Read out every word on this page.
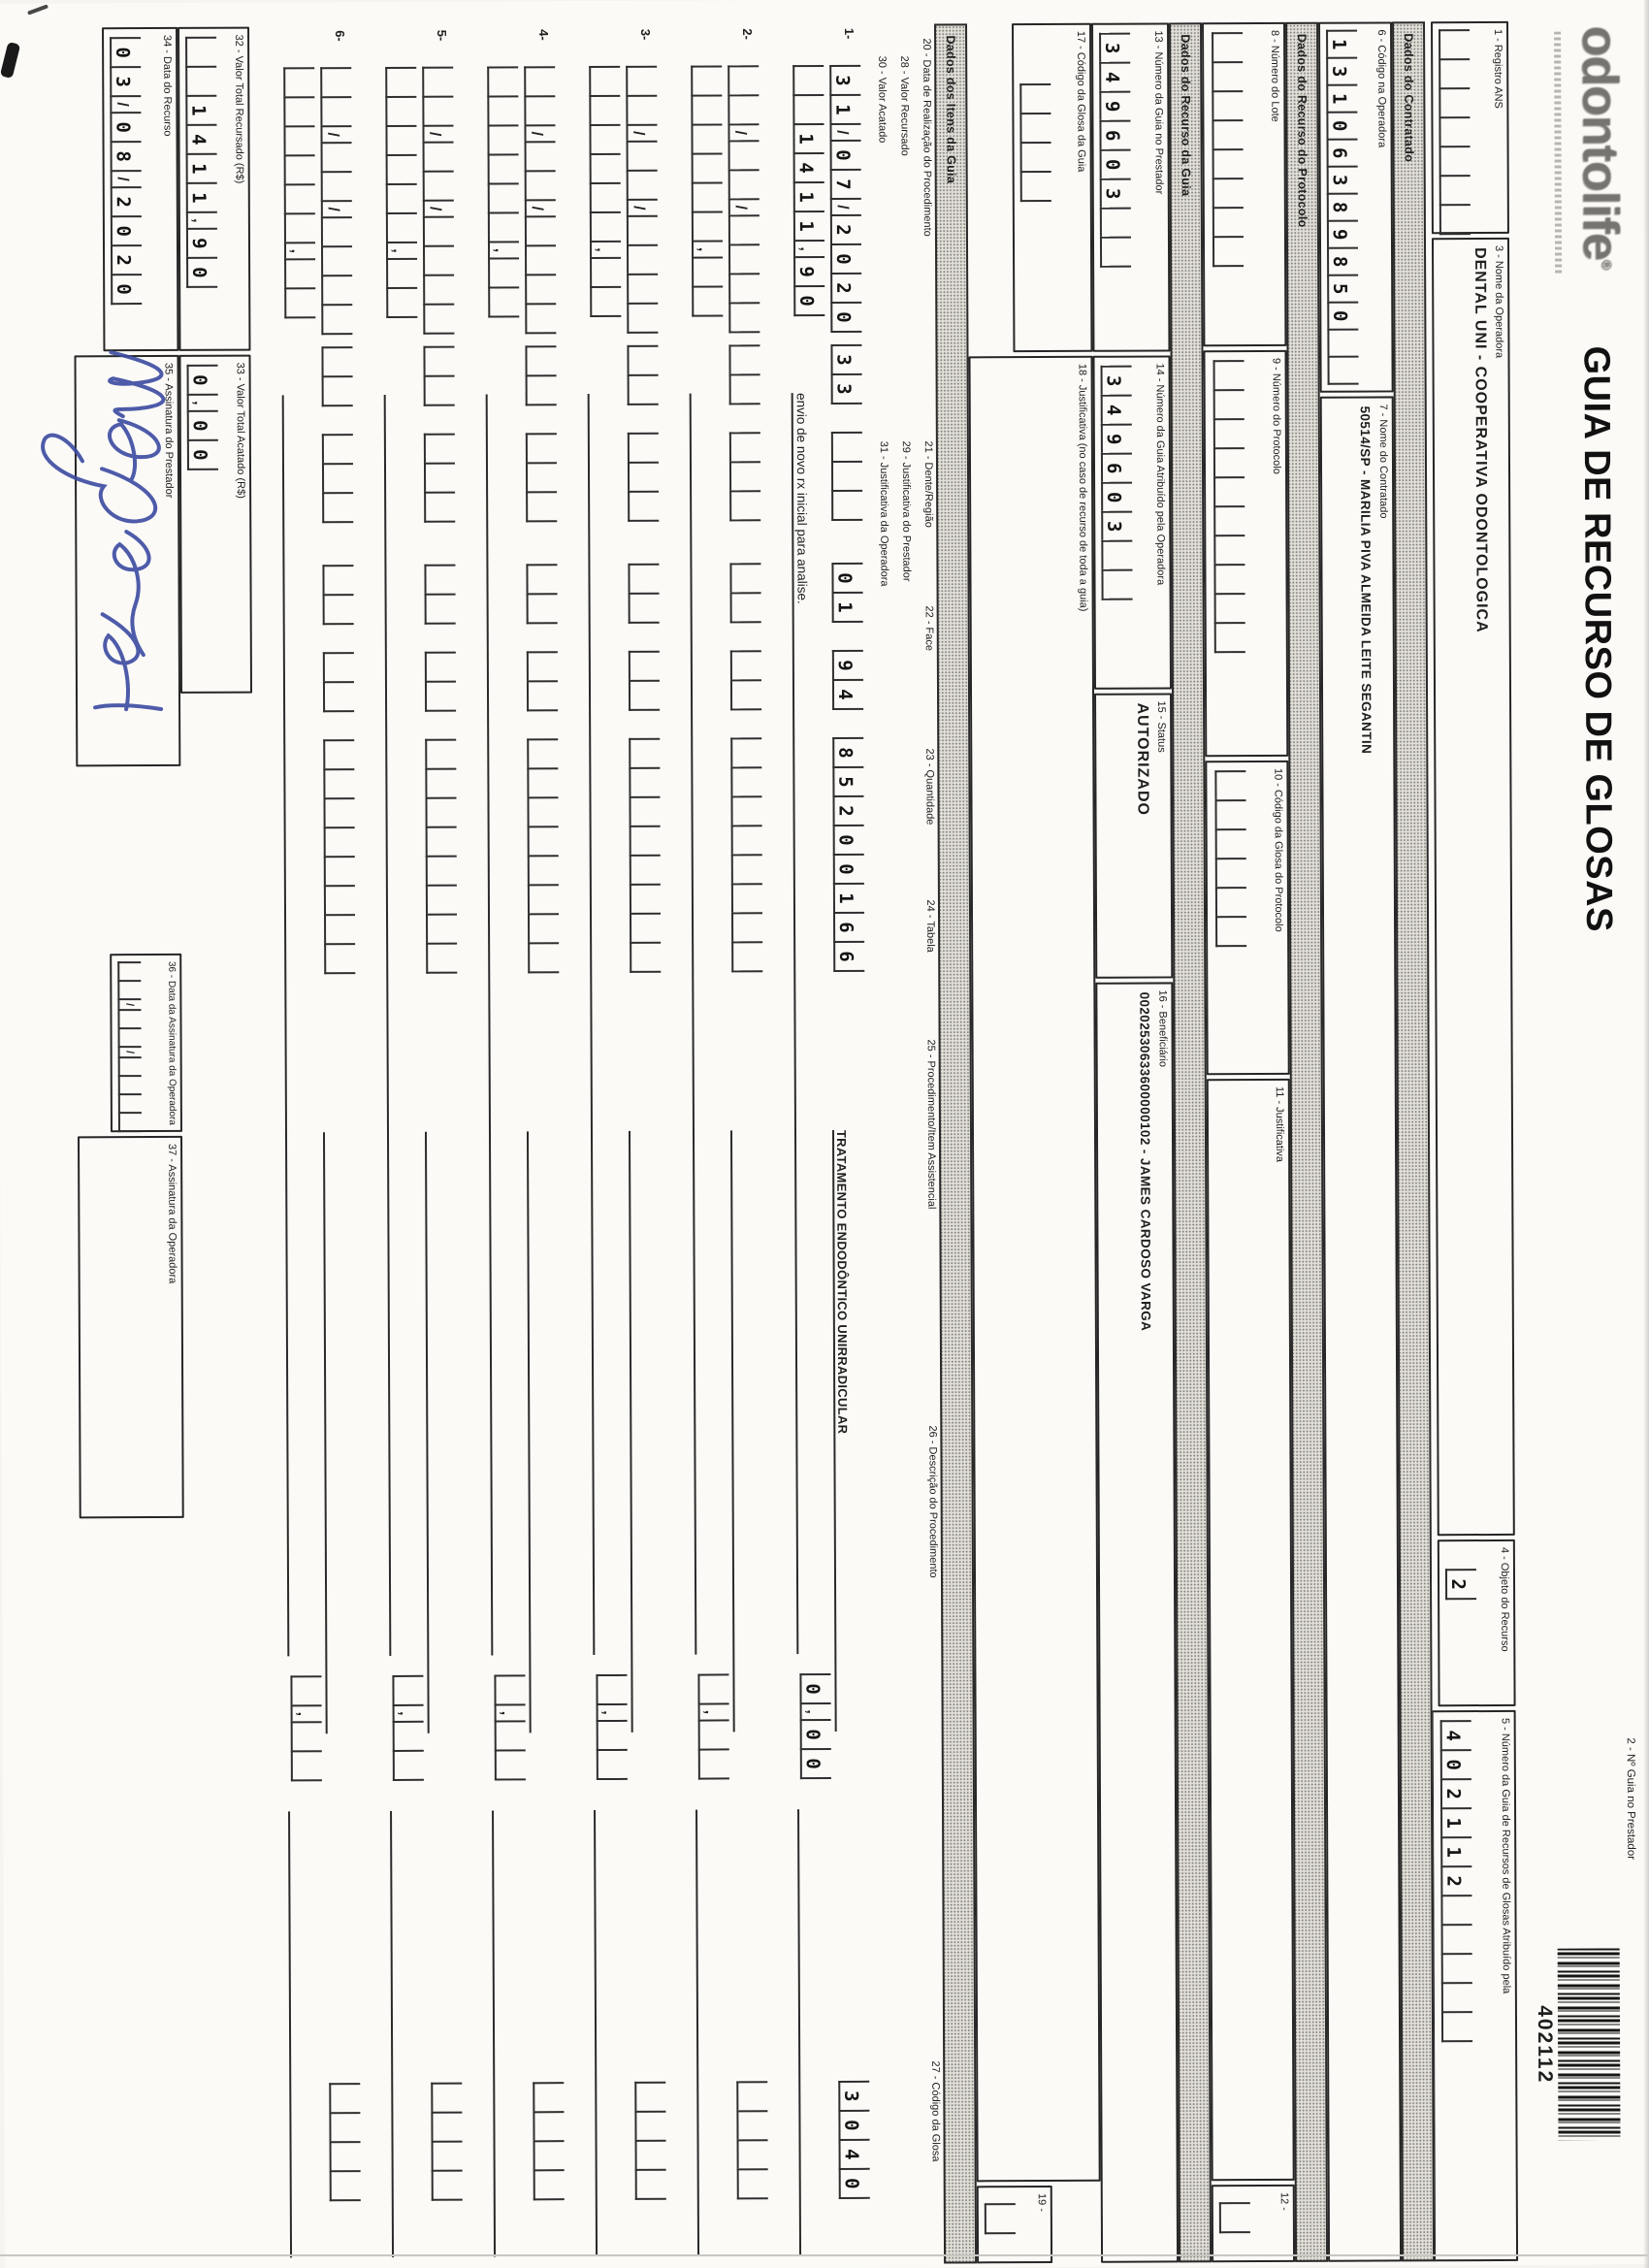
odontolife®
GUIA DE RECURSO DE GLOSAS
2 - Nº Guia no Prestador
402112
1 - Registro ANS
3 - Nome da Operadora
DENTAL UNI - COOPERATIVA ODONTOLOGICA
4 - Objeto do Recurso
2
5 - Número da Guia de Recursos de Glosas Atribuído pela
4
0
2
1
1
2
Dados do Contratado
6 - Código na Operadora
1
3
1
0
6
3
8
9
8
5
0
7 - Nome do Contratado
50514/SP - MARILIA PIVA ALMEIDA LEITE SEGANTIN
Dados do Recurso do Protocolo
8 - Número do Lote
9 - Número do Protocolo
10 - Código da Glosa do Protocolo
11 - Justificativa
12 -
Dados do Recurso da Guia
13 - Número da Guia no Prestador
3
4
9
6
0
3
14 - Número da Guia Atribuído pela Operadora
3
4
9
6
0
3
15 - Status
AUTORIZADO
16 - Beneficiário
00202530633600000102 - JAMES CARDOSO VARGA
17 - Código da Glosa da Guia
18 - Justificativa (no caso de recurso de toda a guia)
19 -
Dados dos Itens da Guia
20 - Data de Realização do Procedimento
21 - Dente/Região
22 - Face
23 - Quantidade
24 - Tabela
25 - Procedimento/Item Assistencial
26 - Descrição do Procedimento
27 - Código da Glosa
28 - Valor Recursado
29 - Justificativa do Prestador
30 - Valor Acatado
31 - Justificativa da Operadora
1-
3
1
/
0
7
/
2
0
2
0
3
3
0
1
9
4
8
5
2
0
0
1
6
6
TRATAMENTO ENDODÔNTICO UNIRRADICULAR
3
0
4
0
1
4
1
1
,
9
0
envio de novo rx inicial para analise.
0
,
0
0
2-
/
/
,
,
3-
/
/
,
,
4-
/
/
,
,
5-
/
/
,
,
6-
/
/
,
,
32 - Valor Total Recursado (R$)
1
4
1
1
,
9
0
33 - Valor Total Acatado (R$)
0
,
0
0
34 - Data do Recurso
0
3
/
0
8
/
2
0
2
0
35 - Assinatura do Prestador
36 - Data da Assinatura da Operadora
/
/
37 - Assinatura da Operadora
